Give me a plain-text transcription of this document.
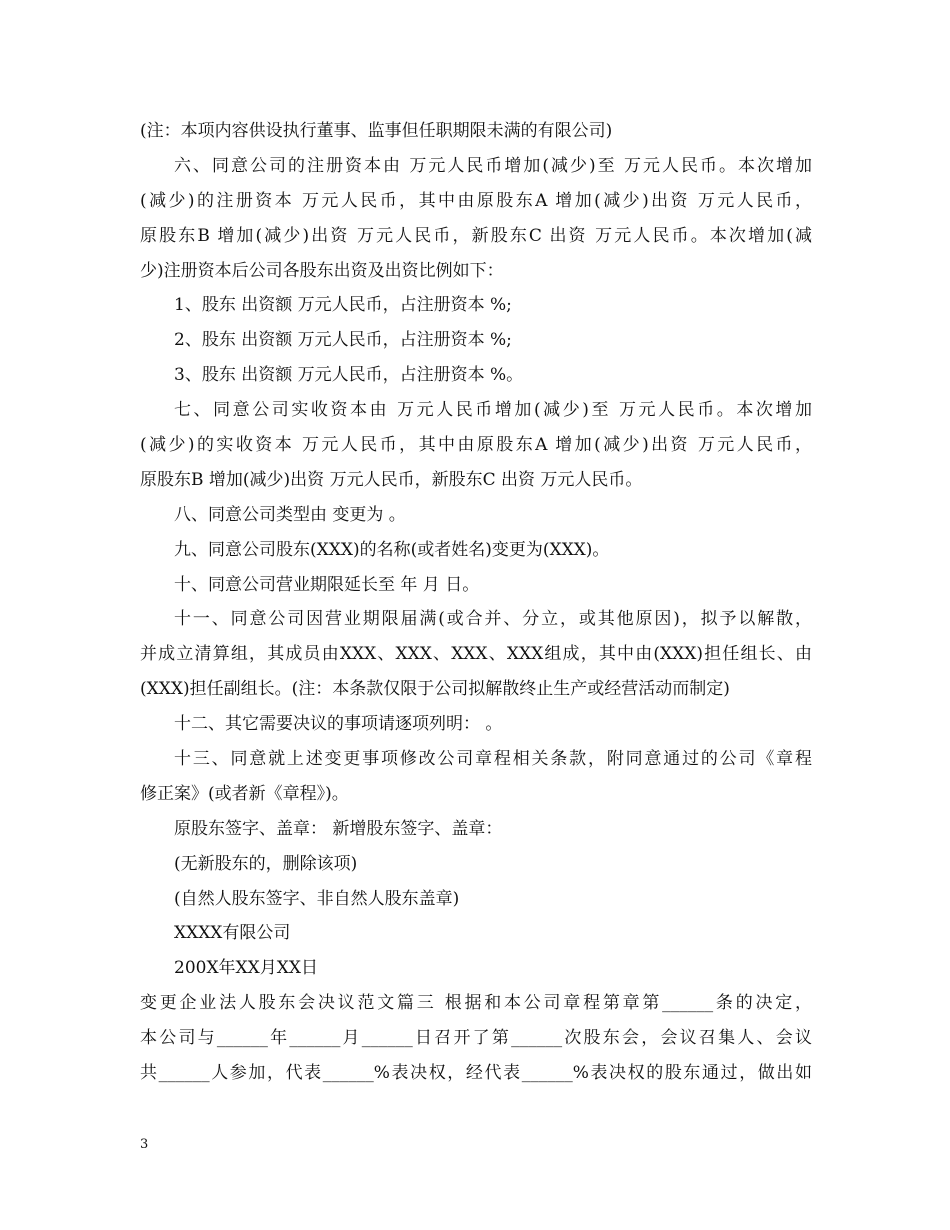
(注：本项内容供设执行董事、监事但任职期限未满的有限公司)
六、同意公司的注册资本由 万元人民币增加(减少)至 万元人民币。本次增加
(减少)的注册资本 万元人民币，其中由原股东A 增加(减少)出资 万元人民币，
原股东B 增加(减少)出资 万元人民币，新股东C 出资 万元人民币。本次增加(减
少)注册资本后公司各股东出资及出资比例如下：
1、股东 出资额 万元人民币，占注册资本 %;
2、股东 出资额 万元人民币，占注册资本 %;
3、股东 出资额 万元人民币，占注册资本 %。
七、同意公司实收资本由 万元人民币增加(减少)至 万元人民币。本次增加
(减少)的实收资本 万元人民币，其中由原股东A 增加(减少)出资 万元人民币，
原股东B 增加(减少)出资 万元人民币，新股东C 出资 万元人民币。
八、同意公司类型由 变更为 。
九、同意公司股东(XXX)的名称(或者姓名)变更为(XXX)。
十、同意公司营业期限延长至 年 月 日。
十一、同意公司因营业期限届满(或合并、分立，或其他原因)，拟予以解散，
并成立清算组，其成员由XXX、XXX、XXX、XXX组成，其中由(XXX)担任组长、由
(XXX)担任副组长。(注：本条款仅限于公司拟解散终止生产或经营活动而制定)
十二、其它需要决议的事项请逐项列明： 。
十三、同意就上述变更事项修改公司章程相关条款，附同意通过的公司《章程
修正案》(或者新《章程》)。
原股东签字、盖章： 新增股东签字、盖章：
(无新股东的，删除该项)
(自然人股东签字、非自然人股东盖章)
XXXX有限公司
200X年XX月XX日
变更企业法人股东会决议范文篇三 根据和本公司章程第章第______条的决定，
本公司与______年______月______日召开了第______次股东会，会议召集人、会议
共______人参加，代表______%表决权，经代表______%表决权的股东通过，做出如
3
